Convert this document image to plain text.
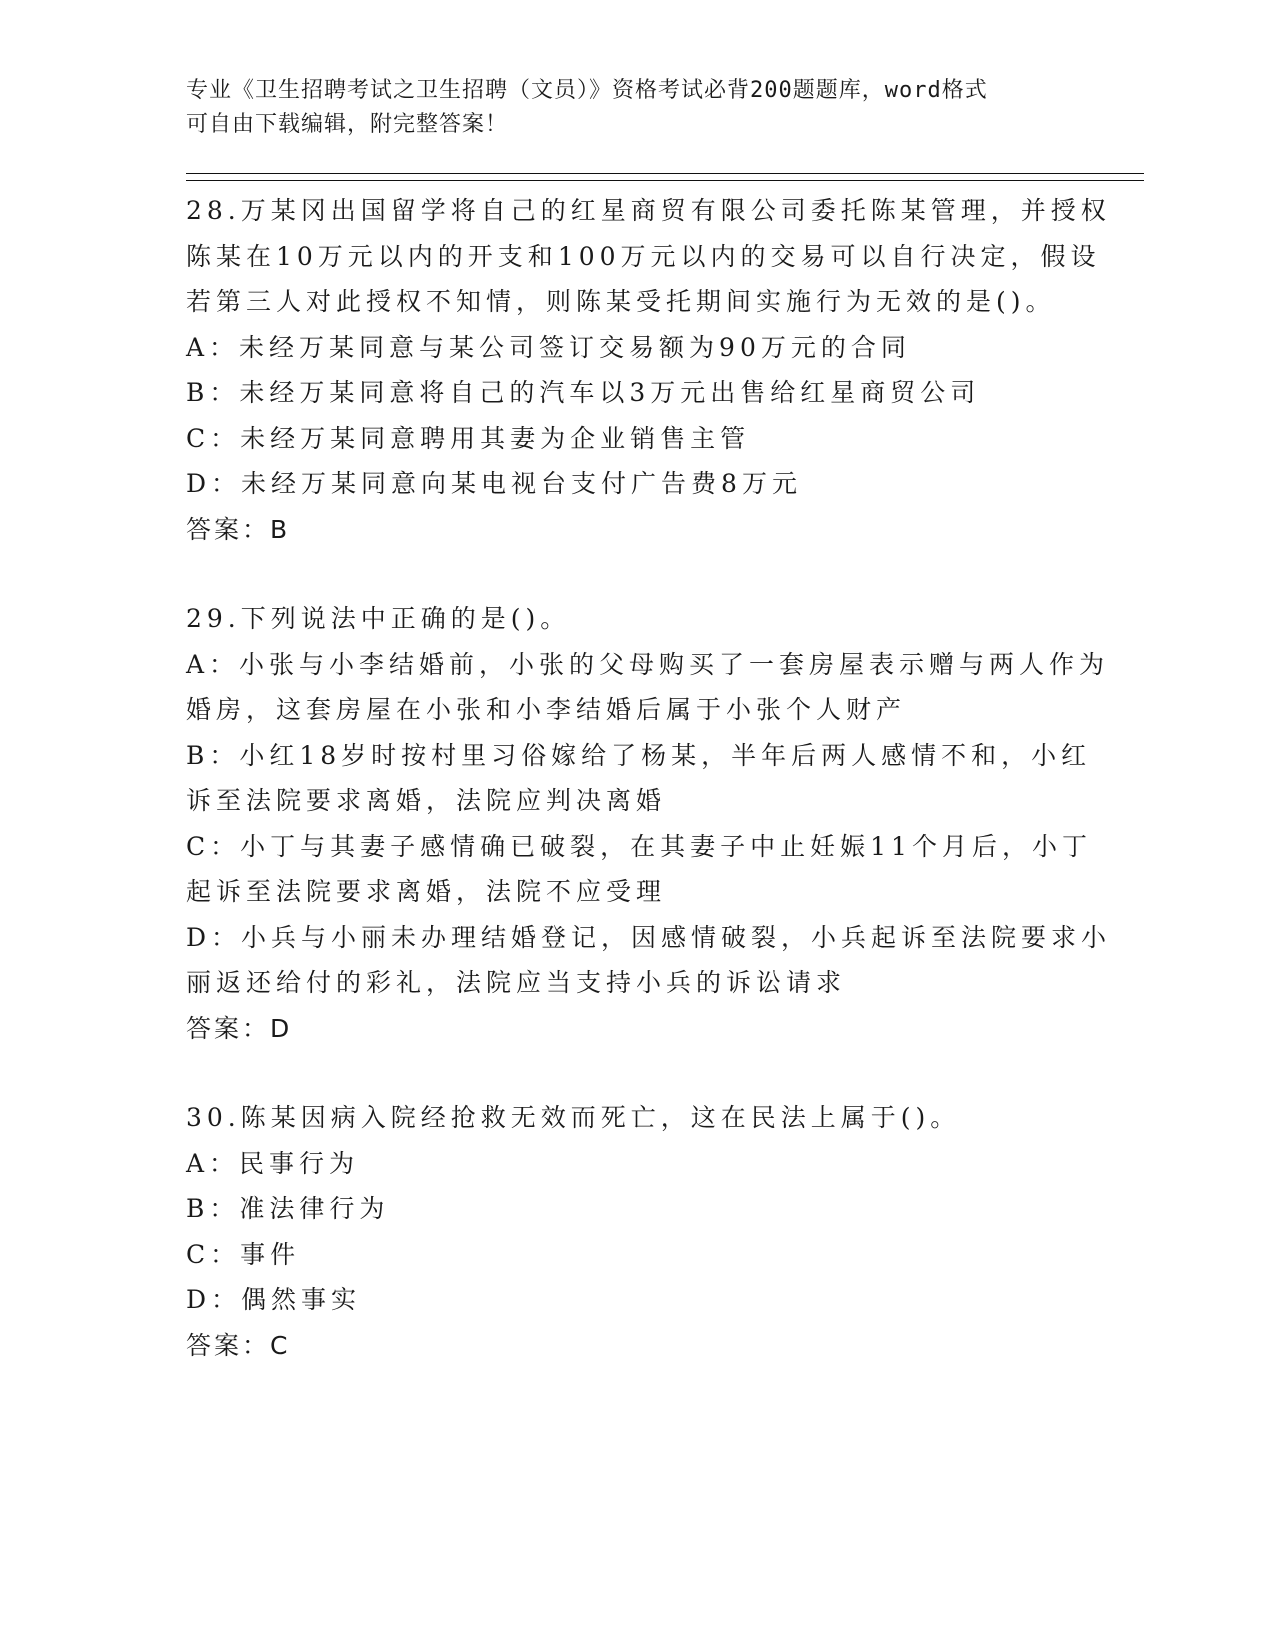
专业《卫生招聘考试之卫生招聘（文员）》资格考试必背200题题库，word格式
可自由下载编辑，附完整答案！
28.万某冈出国留学将自己的红星商贸有限公司委托陈某管理，并授权
陈某在10万元以内的开支和100万元以内的交易可以自行决定，假设
若第三人对此授权不知情，则陈某受托期间实施行为无效的是()。
A：未经万某同意与某公司签订交易额为90万元的合同
B：未经万某同意将自己的汽车以3万元出售给红星商贸公司
C：未经万某同意聘用其妻为企业销售主管
D：未经万某同意向某电视台支付广告费8万元
答案：B
29.下列说法中正确的是()。
A：小张与小李结婚前，小张的父母购买了一套房屋表示赠与两人作为
婚房，这套房屋在小张和小李结婚后属于小张个人财产
B：小红18岁时按村里习俗嫁给了杨某，半年后两人感情不和，小红
诉至法院要求离婚，法院应判决离婚
C：小丁与其妻子感情确已破裂，在其妻子中止妊娠11个月后，小丁
起诉至法院要求离婚，法院不应受理
D：小兵与小丽未办理结婚登记，因感情破裂，小兵起诉至法院要求小
丽返还给付的彩礼，法院应当支持小兵的诉讼请求
答案：D
30.陈某因病入院经抢救无效而死亡，这在民法上属于()。
A：民事行为
B：准法律行为
C：事件
D：偶然事实
答案：C
